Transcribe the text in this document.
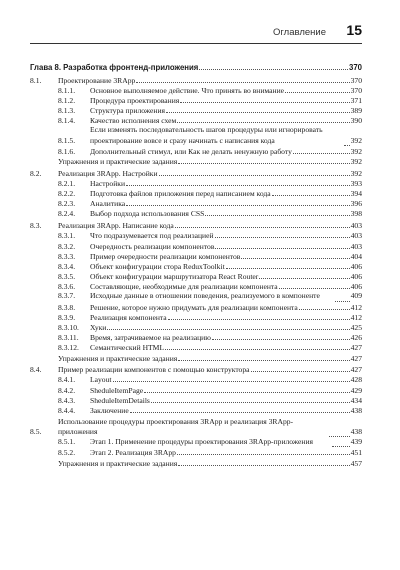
Оглавление 15
Глава 8. Разработка фронтенд-приложения	370
8.1.	Проектирование 3RApp	370
8.1.1.	Основное выполняемое действие. Что принять во внимание	370
8.1.2.	Процедура проектирования	371
8.1.3.	Структура приложения	389
8.1.4.	Качество исполнения схем	390
8.1.5.
Если изменять последовательность шагов процедуры или игнорировать проектирование вовсе и сразу начинать с написания кода	392
8.1.6.	Дополнительный стимул, или Как не делать ненужную работу	392
Упражнения и практические задания	392
8.2.	Реализация 3RApp. Настройки	392
8.2.1.	Настройки	393
8.2.2.	Подготовка файлов приложения перед написанием кода	394
8.2.3.	Аналитика	396
8.2.4.	Выбор подхода использования CSS	398
8.3.	Реализация 3RApp. Написание кода	403
8.3.1.	Что подразумевается под реализацией	403
8.3.2.	Очередность реализации компонентов	403
8.3.3.	Пример очередности реализации компонентов	404
8.3.4.	Объект конфигурации стора ReduxToolkit	406
8.3.5.	Объект конфигурации маршрутизатора React Router	406
8.3.6.	Составляющие, необходимые для реализации компонента	406
8.3.7.	Исходные данные в отношении поведения, реализуемого в компоненте	409
8.3.8.	Решение, которое нужно придумать для реализации компонента	412
8.3.9.	Реализация компонента	412
8.3.10.	Хуки	425
8.3.11.	Время, затрачиваемое на реализацию	426
8.3.12.	Семантический HTML	427
Упражнения и практические задания	427
8.4.	Пример реализации компонентов с помощью конструктора	427
8.4.1.	Layout	428
8.4.2.	SheduleItemPage	429
8.4.3.	SheduleItemDetails	434
8.4.4.	Заключение	438
8.5.
Использование процедуры проектирования 3RApp и реализация 3RApp-приложения	438
8.5.1.	Этап 1. Применение процедуры проектирования 3RApp-приложения	439
8.5.2.	Этап 2. Реализация 3RApp	451
Упражнения и практические задания	457
